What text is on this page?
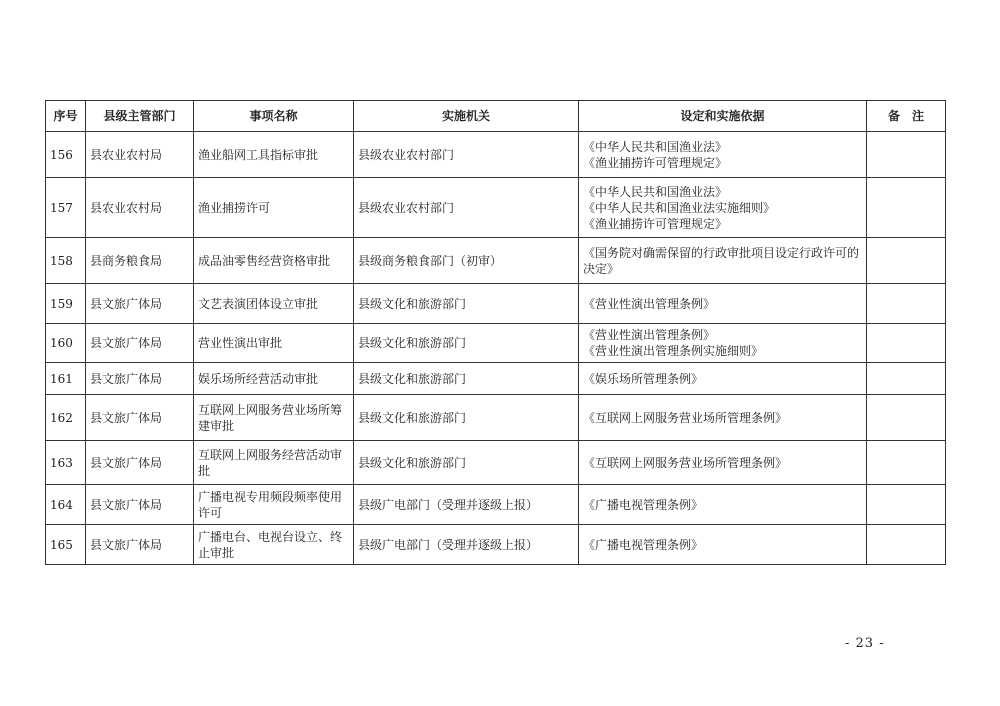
序号	县级主管部门	事项名称	实施机关	设定和实施依据	备　注
156	县农业农村局	渔业船网工具指标审批	县级农业农村部门	《中华人民共和国渔业法》
《渔业捕捞许可管理规定》	

157	县农业农村局	渔业捕捞许可	县级农业农村部门	《中华人民共和国渔业法》
《中华人民共和国渔业法实施细则》
《渔业捕捞许可管理规定》	

158	县商务粮食局	成品油零售经营资格审批	县级商务粮食部门（初审）	《国务院对确需保留的行政审批项目设定行政许可的决定》	

159	县文旅广体局	文艺表演团体设立审批	县级文化和旅游部门	《营业性演出管理条例》	

160	县文旅广体局	营业性演出审批	县级文化和旅游部门	《营业性演出管理条例》
《营业性演出管理条例实施细则》	

161	县文旅广体局	娱乐场所经营活动审批	县级文化和旅游部门	《娱乐场所管理条例》	

162	县文旅广体局	互联网上网服务营业场所筹建审批	县级文化和旅游部门	《互联网上网服务营业场所管理条例》	

163	县文旅广体局	互联网上网服务经营活动审批	县级文化和旅游部门	《互联网上网服务营业场所管理条例》	

164	县文旅广体局	广播电视专用频段频率使用许可	县级广电部门（受理并逐级上报）	《广播电视管理条例》	

165	县文旅广体局	广播电台、电视台设立、终止审批	县级广电部门（受理并逐级上报）	《广播电视管理条例》	

- 23 -
